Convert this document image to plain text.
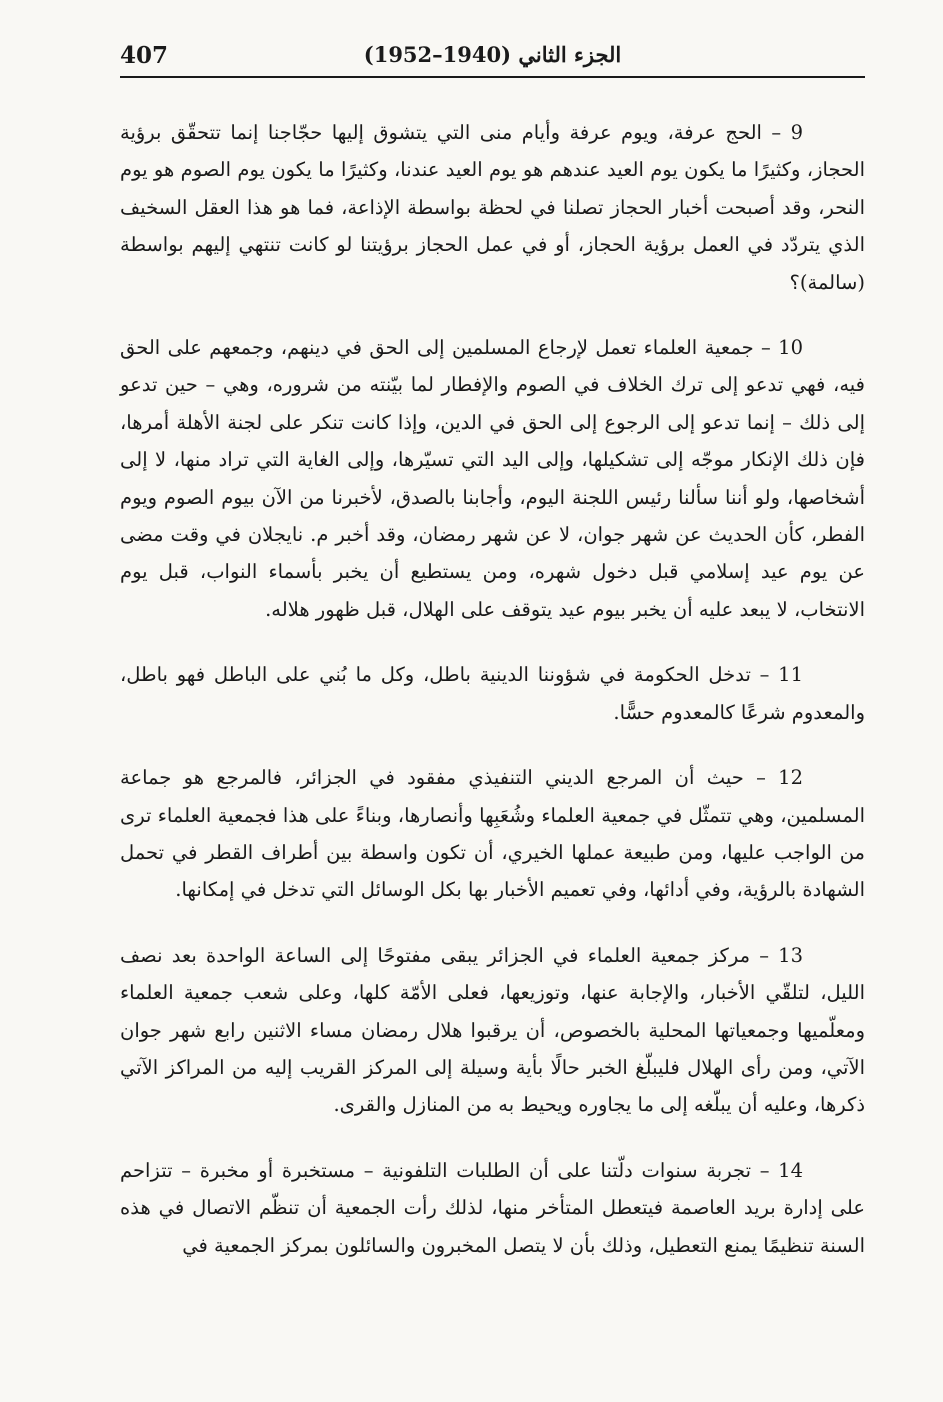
407	الجزء الثاني (1940–1952)

9 – الحج عرفة، ويوم عرفة وأيام منى التي يتشوق إليها حجّاجنا إنما تتحقّق برؤية الحجاز، وكثيرًا ما يكون يوم العيد عندهم هو يوم العيد عندنا، وكثيرًا ما يكون يوم الصوم هو يوم النحر، وقد أصبحت أخبار الحجاز تصلنا في لحظة بواسطة الإذاعة، فما هو هذا العقل السخيف الذي يتردّد في العمل برؤية الحجاز، أو في عمل الحجاز برؤيتنا لو كانت تنتهي إليهم بواسطة (سالمة)؟

10 – جمعية العلماء تعمل لإرجاع المسلمين إلى الحق في دينهم، وجمعهم على الحق فيه، فهي تدعو إلى ترك الخلاف في الصوم والإفطار لما بيّنته من شروره، وهي – حين تدعو إلى ذلك – إنما تدعو إلى الرجوع إلى الحق في الدين، وإذا كانت تنكر على لجنة الأهلة أمرها، فإن ذلك الإنكار موجّه إلى تشكيلها، وإلى اليد التي تسيّرها، وإلى الغاية التي تراد منها، لا إلى أشخاصها، ولو أننا سألنا رئيس اللجنة اليوم، وأجابنا بالصدق، لأخبرنا من الآن بيوم الصوم ويوم الفطر، كأن الحديث عن شهر جوان، لا عن شهر رمضان، وقد أخبر م. نايجلان في وقت مضى عن يوم عيد إسلامي قبل دخول شهره، ومن يستطيع أن يخبر بأسماء النواب، قبل يوم الانتخاب، لا يبعد عليه أن يخبر بيوم عيد يتوقف على الهلال، قبل ظهور هلاله.

11 – تدخل الحكومة في شؤوننا الدينية باطل، وكل ما بُني على الباطل فهو باطل، والمعدوم شرعًا كالمعدوم حسًّا.

12 – حيث أن المرجع الديني التنفيذي مفقود في الجزائر، فالمرجع هو جماعة المسلمين، وهي تتمثّل في جمعية العلماء وشُعَبِها وأنصارها، وبناءً على هذا فجمعية العلماء ترى من الواجب عليها، ومن طبيعة عملها الخيري، أن تكون واسطة بين أطراف القطر في تحمل الشهادة بالرؤية، وفي أدائها، وفي تعميم الأخبار بها بكل الوسائل التي تدخل في إمكانها.

13 – مركز جمعية العلماء في الجزائر يبقى مفتوحًا إلى الساعة الواحدة بعد نصف الليل، لتلقّي الأخبار، والإجابة عنها، وتوزيعها، فعلى الأمّة كلها، وعلى شعب جمعية العلماء ومعلّميها وجمعياتها المحلية بالخصوص، أن يرقبوا هلال رمضان مساء الاثنين رابع شهر جوان الآتي، ومن رأى الهلال فليبلّغ الخبر حالًا بأية وسيلة إلى المركز القريب إليه من المراكز الآتي ذكرها، وعليه أن يبلّغه إلى ما يجاوره ويحيط به من المنازل والقرى.

14 – تجربة سنوات دلّتنا على أن الطلبات التلفونية – مستخبرة أو مخبرة – تتزاحم على إدارة بريد العاصمة فيتعطل المتأخر منها، لذلك رأت الجمعية أن تنظّم الاتصال في هذه السنة تنظيمًا يمنع التعطيل، وذلك بأن لا يتصل المخبرون والسائلون بمركز الجمعية في
